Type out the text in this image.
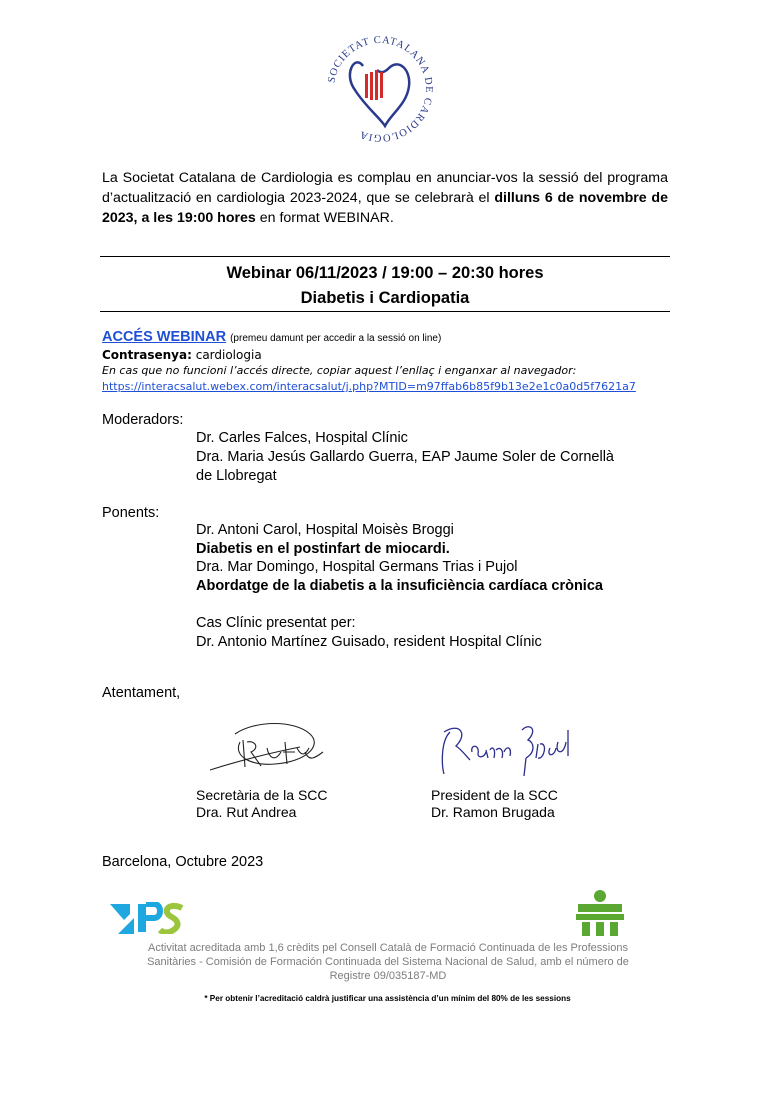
SOCIETAT CATALANA DE CARDIOLOGIA
La Societat Catalana de Cardiologia es complau en anunciar-vos la sessió del programa d’actualització en cardiologia 2023-2024, que se celebrarà el dilluns 6 de novembre de 2023, a les 19:00 hores en format WEBINAR.
Webinar 06/11/2023 / 19:00 – 20:30 hores
Diabetis i Cardiopatia
ACCÉS WEBINAR (premeu damunt per accedir a la sessió on line)
Contrasenya: cardiologia
En cas que no funcioni l’accés directe, copiar aquest l’enllaç i enganxar al navegador:
https://interacsalut.webex.com/interacsalut/j.php?MTID=m97ffab6b85f9b13e2e1c0a0d5f7621a7
Moderadors:
Dr. Carles Falces, Hospital Clínic
Dra. Maria Jesús Gallardo Guerra, EAP Jaume Soler de Cornellà
de Llobregat
Ponents:
Dr. Antoni Carol, Hospital Moisès Broggi
Diabetis en el postinfart de miocardi.
Dra. Mar Domingo, Hospital Germans Trias i Pujol
Abordatge de la diabetis a la insuficiència cardíaca crònica
Cas Clínic presentat per:
Dr. Antonio Martínez Guisado, resident Hospital Clínic
Atentament,
Secretària de la SCC
Dra. Rut Andrea
President de la SCC
Dr. Ramon Brugada
Barcelona, Octubre 2023
Activitat acreditada amb 1,6 crèdits pel Consell Català de Formació Continuada de les Professions
Sanitàries - Comisión de Formación Continuada del Sistema Nacional de Salud, amb el número de
Registre 09/035187-MD
* Per obtenir l’acreditació caldrà justificar una assistència d’un mínim del 80% de les sessions
